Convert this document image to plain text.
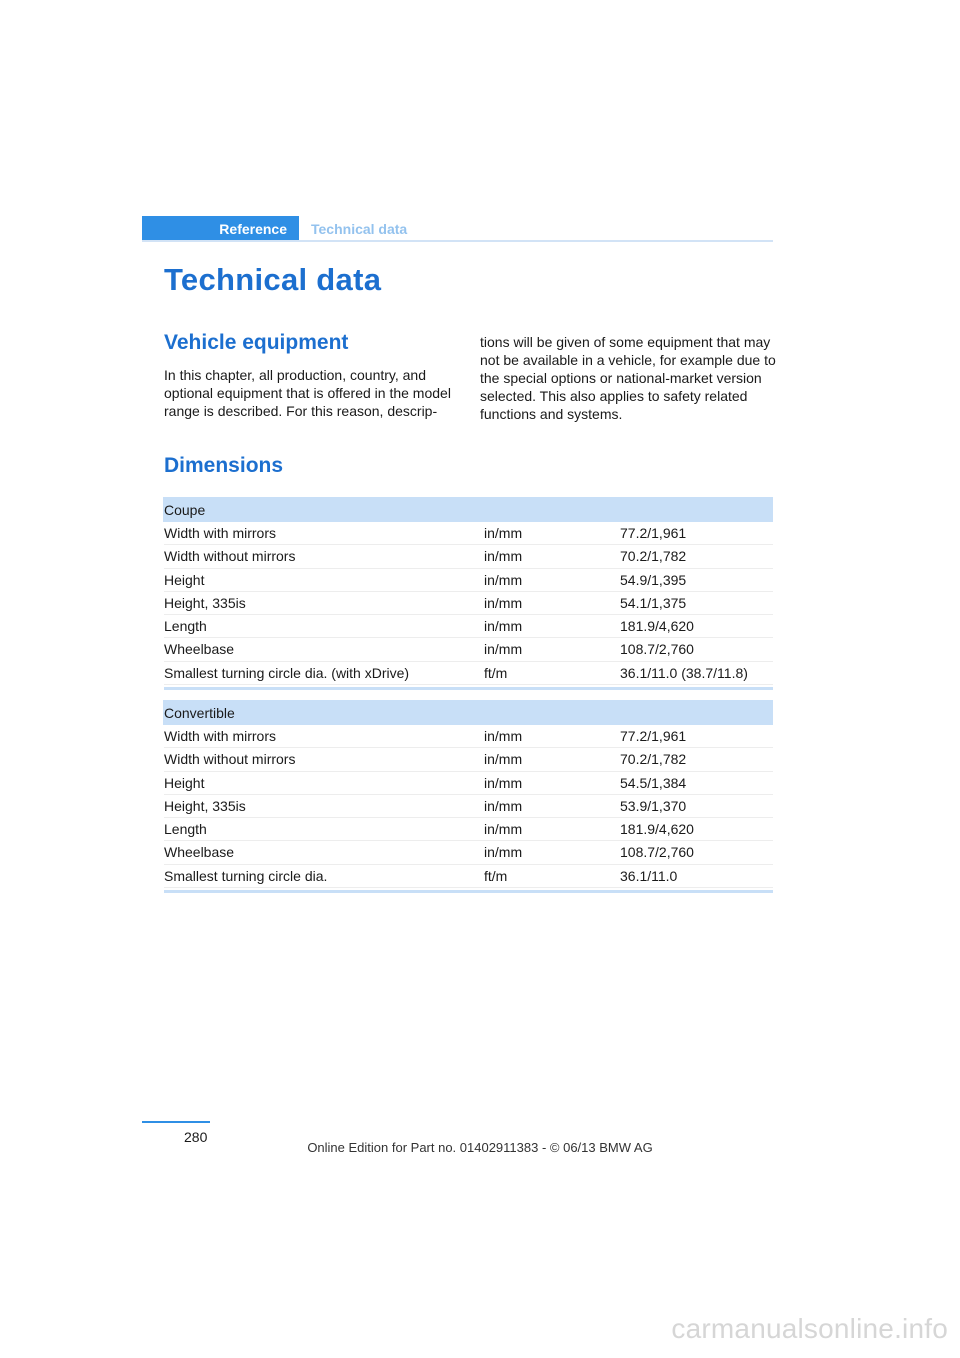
Reference	Technical data
Technical data
Vehicle equipment

In this chapter, all production, country, and optional equipment that is offered in the model range is described. For this reason, descrip-

tions will be given of some equipment that may not be available in a vehicle, for example due to the special options or national-market version selected. This also applies to safety related functions and systems.

Dimensions
Coupe
Width with mirrors	in/mm	77.2/1,961
Width without mirrors	in/mm	70.2/1,782
Height	in/mm	54.9/1,395
Height, 335is	in/mm	54.1/1,375
Length	in/mm	181.9/4,620
Wheelbase	in/mm	108.7/2,760
Smallest turning circle dia. (with xDrive)	ft/m	36.1/11.0 (38.7/11.8)
Convertible
Width with mirrors	in/mm	77.2/1,961
Width without mirrors	in/mm	70.2/1,782
Height	in/mm	54.5/1,384
Height, 335is	in/mm	53.9/1,370
Length	in/mm	181.9/4,620
Wheelbase	in/mm	108.7/2,760
Smallest turning circle dia.	ft/m	36.1/11.0
280
Online Edition for Part no. 01402911383 - © 06/13 BMW AG
carmanualsonline.info
